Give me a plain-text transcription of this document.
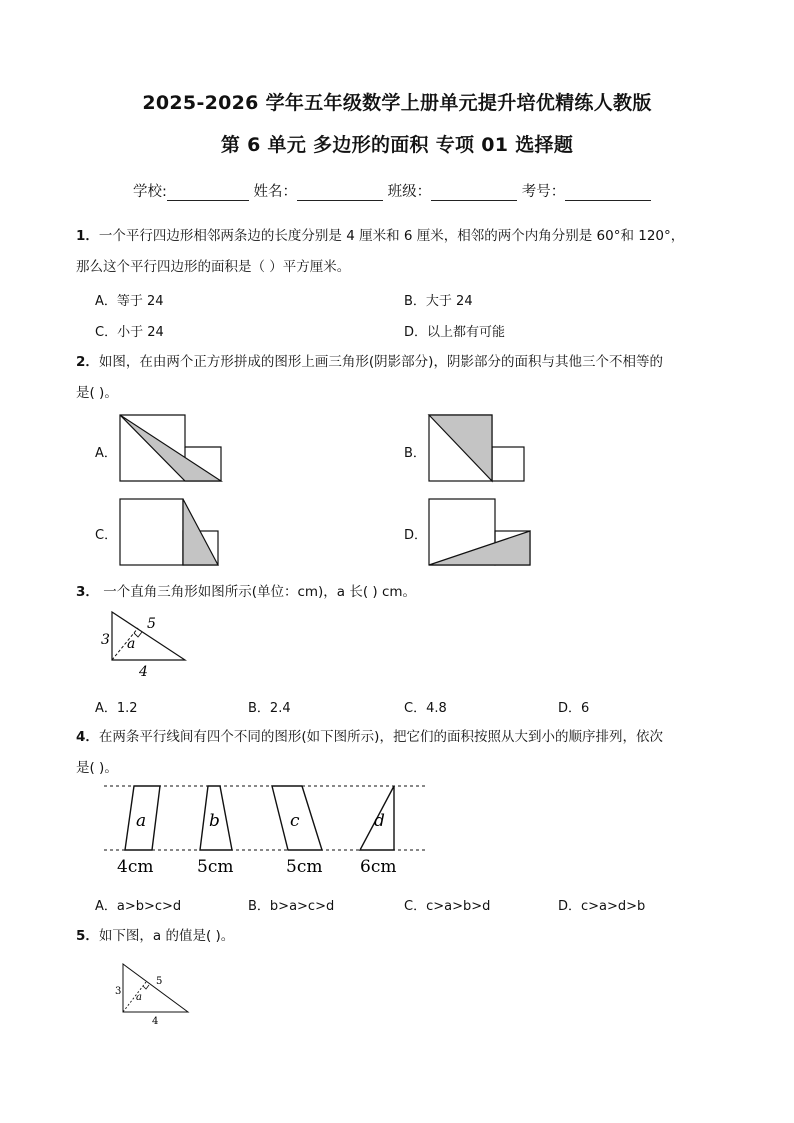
2025-2026 学年五年级数学上册单元提升培优精练人教版
第 6 单元 多边形的面积 专项 01 选择题
学校:	姓名：	班级：	考号：
1．一个平行四边形相邻两条边的长度分别是 4 厘米和 6 厘米，相邻的两个内角分别是 60°和 120°，
那么这个平行四边形的面积是（ ）平方厘米。
A．等于 24	B．大于 24
C．小于 24	D．以上都有可能
2．如图，在由两个正方形拼成的图形上画三角形(阴影部分)，阴影部分的面积与其他三个不相等的
是( )。
A．	B．
C．	D．
3． 一个直角三角形如图所示(单位：cm)，a 长( ) cm。
3
5
4
a
A．1.2	B．2.4	C．4.8	D．6
4．在两条平行线间有四个不同的图形(如下图所示)，把它们的面积按照从大到小的顺序排列，依次
是( )。
a	b	c	d
4cm	5cm	5cm 6cm
A．a>b>c>d	B．b>a>c>d	C．c>a>b>d	D．c>a>d>b
5．如下图，a 的值是( )。
3
5
4
a
